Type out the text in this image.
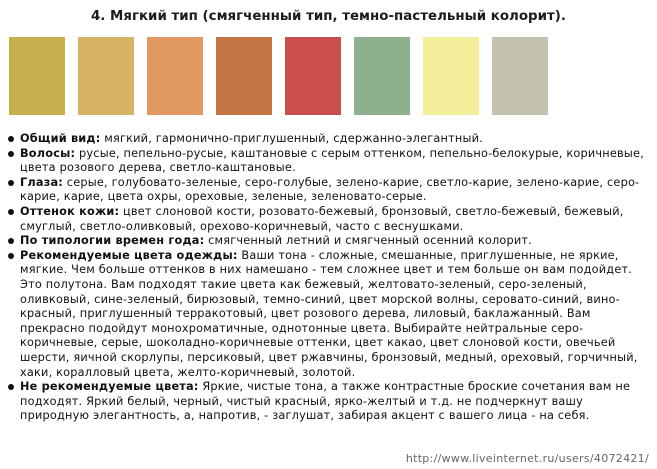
4. Мягкий тип (смягченный тип, темно-пастельный колорит).
Общий вид: мягкий, гармонично-приглушенный, сдержанно-элегантный.
Волосы: русые, пепельно-русые, каштановые с серым оттенком, пепельно-белокурые, коричневые, цвета розового дерева, светло-каштановые.
Глаза: серые, голубовато-зеленые, серо-голубые, зелено-карие, светло-карие, зелено-карие, серо-карие, карие, цвета охры, ореховые, зеленые, зеленовато-серые.
Оттенок кожи: цвет слоновой кости, розовато-бежевый, бронзовый, светло-бежевый, бежевый, смуглый, светло-оливковый, орехово-коричневый, часто с веснушками.
По типологии времен года: смягченный летний и смягченный осенний колорит.
Рекомендуемые цвета одежды: Ваши тона - сложные, смешанные, приглушенные, не яркие, мягкие. Чем больше оттенков в них намешано - тем сложнее цвет и тем больше он вам подойдет. Это полутона. Вам подходят такие цвета как бежевый, желтовато-зеленый, серо-зеленый, оливковый, сине-зеленый, бирюзовый, темно-синий, цвет морской волны, серовато-синий, вино-красный, приглушенный терракотовый, цвет розового дерева, лиловый, баклажанный. Вам прекрасно подойдут монохроматичные, однотонные цвета. Выбирайте нейтральные серо-коричневые, серые, шоколадно-коричневые оттенки, цвет какао, цвет слоновой кости, овечьей шерсти, яичной скорлупы, персиковый, цвет ржавчины, бронзовый, медный, ореховый, горчичный, хаки, коралловый цвета, желто-коричневый, золотой.
Не рекомендуемые цвета: Яркие, чистые тона, а также контрастные броские сочетания вам не подходят. Яркий белый, черный, чистый красный, ярко-желтый и т.д. не подчеркнут вашу природную элегантность, а, напротив, - заглушат, забирая акцент с вашего лица - на себя.
http://www.liveinternet.ru/users/4072421/
